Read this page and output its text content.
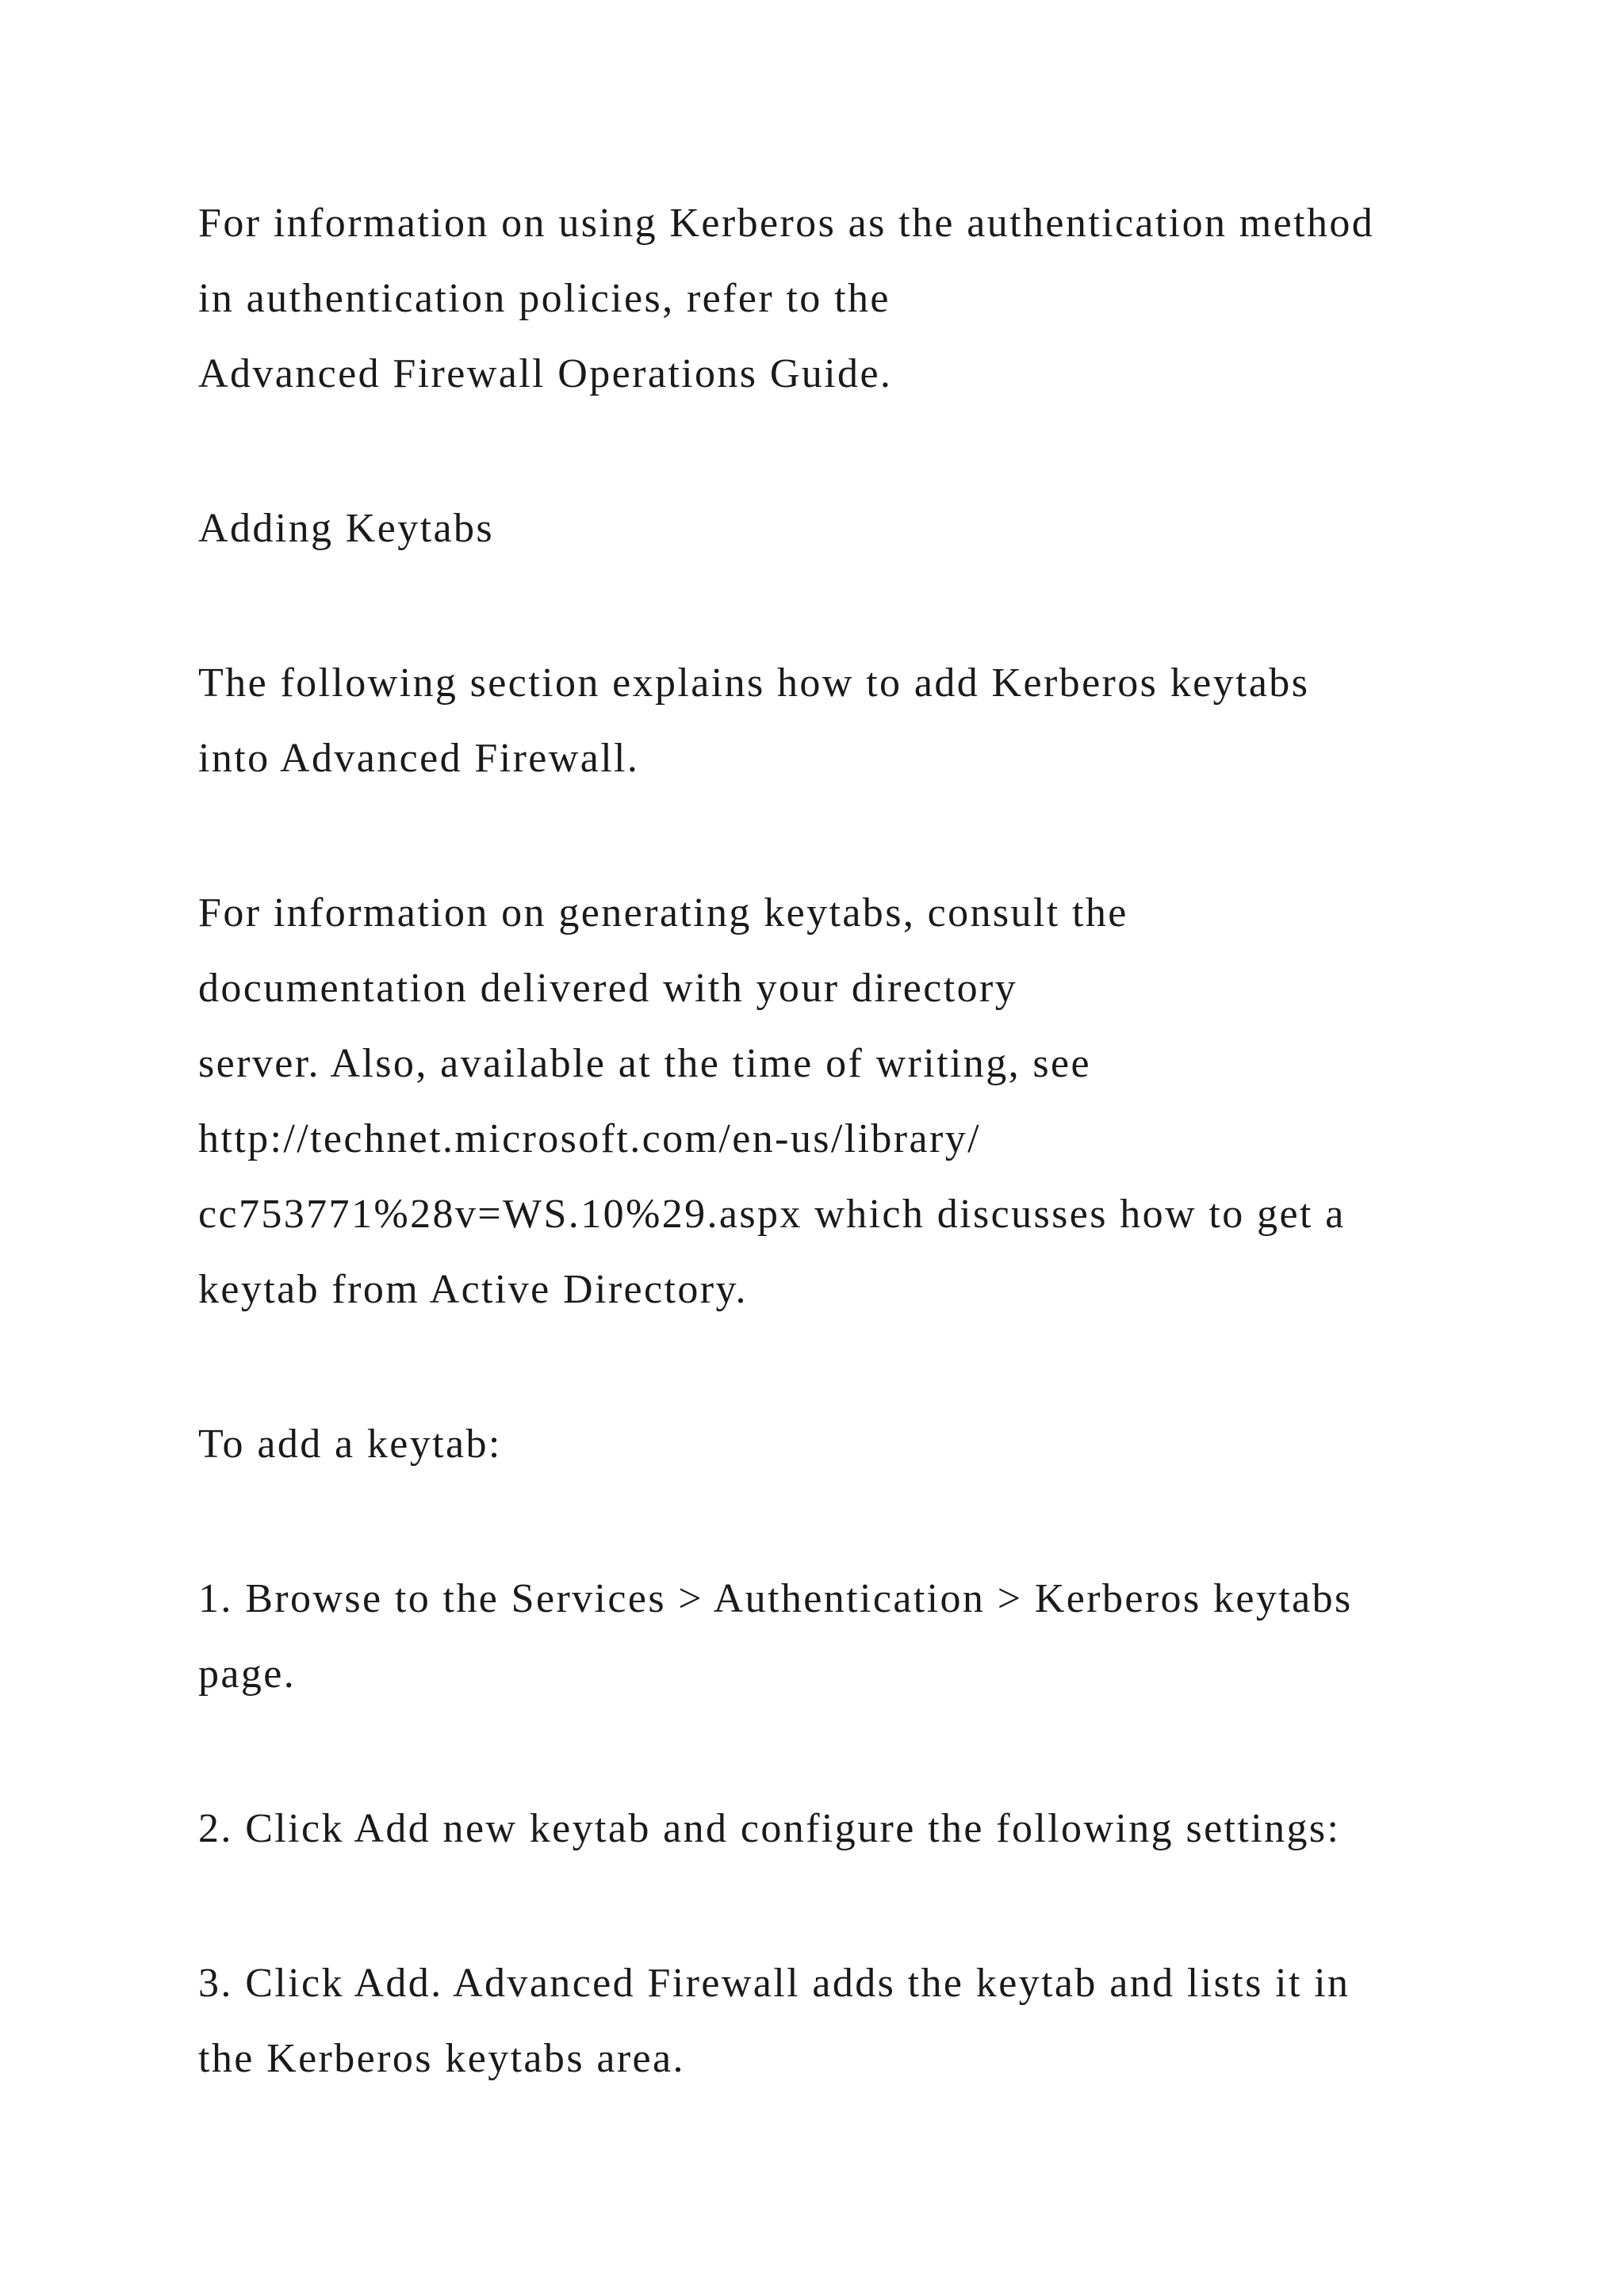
For information on using Kerberos as the authentication method
in authentication policies, refer to the
Advanced Firewall Operations Guide.
Adding Keytabs
The following section explains how to add Kerberos keytabs
into Advanced Firewall.
For information on generating keytabs, consult the
documentation delivered with your directory
server. Also, available at the time of writing, see
http://technet.microsoft.com/en-us/library/
cc753771%28v=WS.10%29.aspx which discusses how to get a
keytab from Active Directory.
To add a keytab:
1. Browse to the Services > Authentication > Kerberos keytabs
page.
2. Click Add new keytab and configure the following settings:
3. Click Add. Advanced Firewall adds the keytab and lists it in
the Kerberos keytabs area.
